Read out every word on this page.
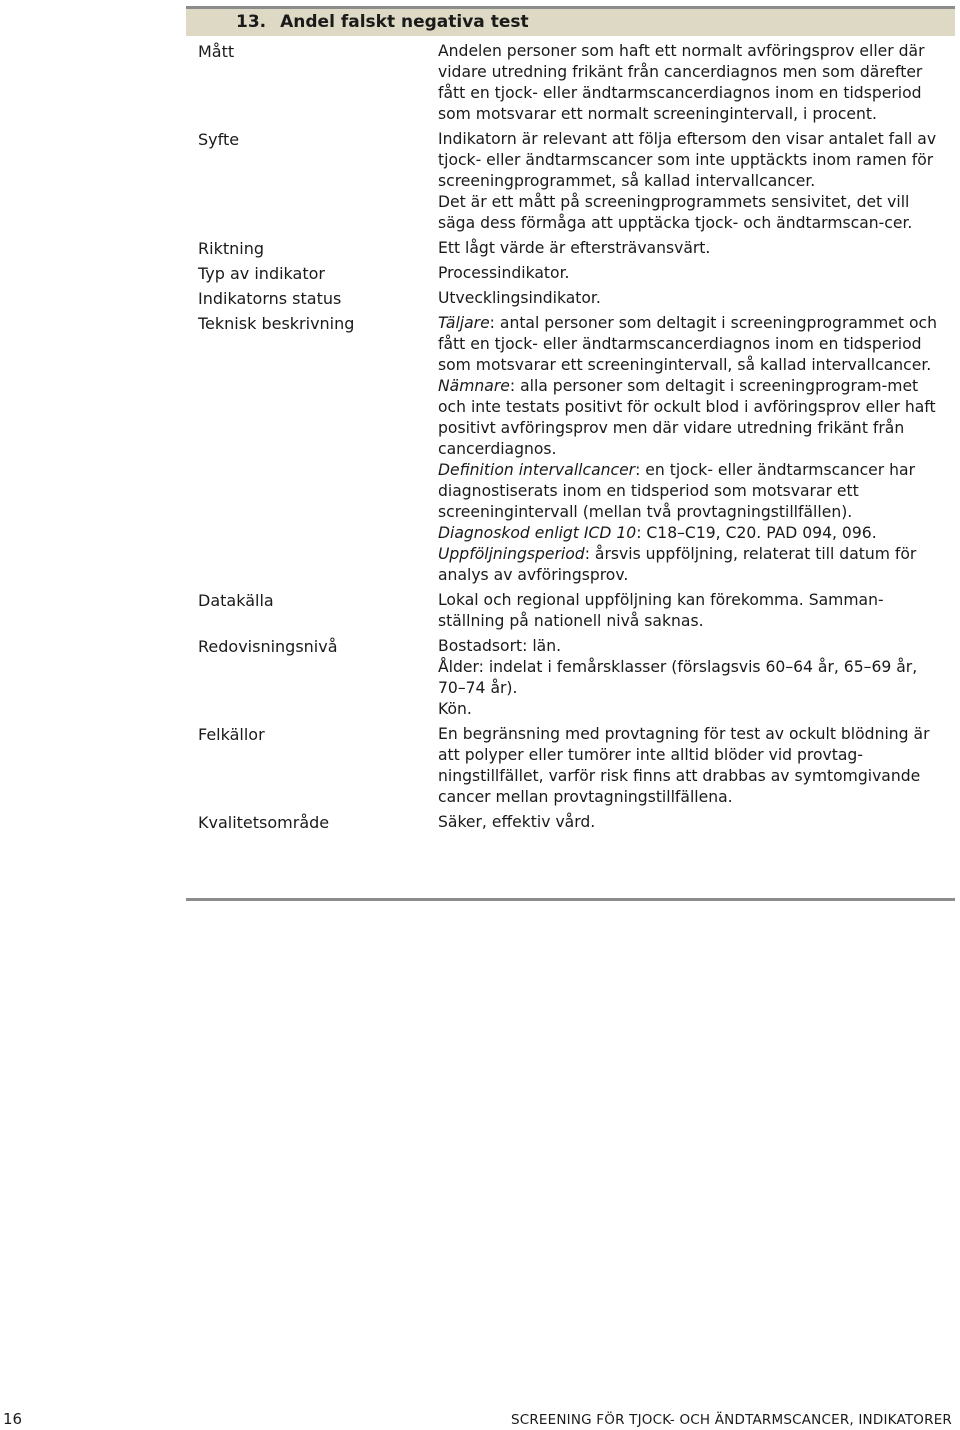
13. Andel falskt negativa test
Mått	Andelen personer som haft ett normalt avföringsprov eller där vidare utredning frikänt från cancerdiagnos men som därefter fått en tjock- eller ändtarmscancerdiagnos inom en tidsperiod som motsvarar ett normalt screeningintervall, i procent.

Syfte	Indikatorn är relevant att följa eftersom den visar antalet fall av tjock- eller ändtarmscancer som inte upptäckts inom ramen för screeningprogrammet, så kallad intervallcancer.

Det är ett mått på screeningprogrammets sensivitet, det vill säga dess förmåga att upptäcka tjock- och ändtarmscan-cer.

Riktning	Ett lågt värde är eftersträvansvärt.

Typ av indikator	Processindikator.

Indikatorns status	Utvecklingsindikator.

Teknisk beskrivning	Täljare: antal personer som deltagit i screeningprogrammet och fått en tjock- eller ändtarmscancerdiagnos inom en tidsperiod som motsvarar ett screeningintervall, så kallad intervallcancer.

Nämnare: alla personer som deltagit i screeningprogram-met och inte testats positivt för ockult blod i avföringsprov eller haft positivt avföringsprov men där vidare utredning frikänt från cancerdiagnos.

Definition intervallcancer: en tjock- eller ändtarmscancer har diagnostiserats inom en tidsperiod som motsvarar ett screeningintervall (mellan två provtagningstillfällen).

Diagnoskod enligt ICD 10: C18–C19, C20. PAD 094, 096.

Uppföljningsperiod: årsvis uppföljning, relaterat till datum för analys av avföringsprov.

Datakälla	Lokal och regional uppföljning kan förekomma. Samman-ställning på nationell nivå saknas.

Redovisningsnivå	Bostadsort: län.

Ålder: indelat i femårsklasser (förslagsvis 60–64 år, 65–69 år, 70–74 år).

Kön.

Felkällor	En begränsning med provtagning för test av ockult blödning är att polyper eller tumörer inte alltid blöder vid provtag-ningstillfället, varför risk finns att drabbas av symtomgivande cancer mellan provtagningstillfällena.

Kvalitetsområde	Säker, effektiv vård.

16	SCREENING FÖR TJOCK- OCH ÄNDTARMSCANCER, INDIKATORER
